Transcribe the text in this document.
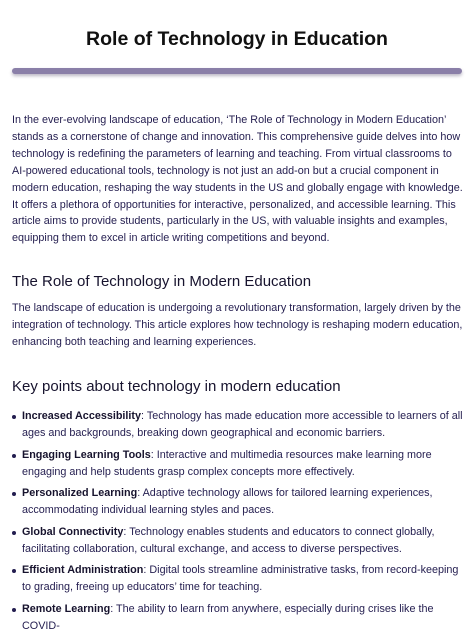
Role of Technology in Education

In the ever-evolving landscape of education, ‘The Role of Technology in Modern Education’ stands as a cornerstone of change and innovation. This comprehensive guide delves into how technology is redefining the parameters of learning and teaching. From virtual classrooms to AI-powered educational tools, technology is not just an add-on but a crucial component in modern education, reshaping the way students in the US and globally engage with knowledge. It offers a plethora of opportunities for interactive, personalized, and accessible learning. This article aims to provide students, particularly in the US, with valuable insights and examples, equipping them to excel in article writing competitions and beyond.

The Role of Technology in Modern Education

The landscape of education is undergoing a revolutionary transformation, largely driven by the integration of technology. This article explores how technology is reshaping modern education, enhancing both teaching and learning experiences.

Key points about technology in modern education
Increased Accessibility: Technology has made education more accessible to learners of all ages and backgrounds, breaking down geographical and economic barriers.
Engaging Learning Tools: Interactive and multimedia resources make learning more engaging and help students grasp complex concepts more effectively.
Personalized Learning: Adaptive technology allows for tailored learning experiences, accommodating individual learning styles and paces.
Global Connectivity: Technology enables students and educators to connect globally, facilitating collaboration, cultural exchange, and access to diverse perspectives.
Efficient Administration: Digital tools streamline administrative tasks, from record-keeping to grading, freeing up educators’ time for teaching.
Remote Learning: The ability to learn from anywhere, especially during crises like the COVID-
